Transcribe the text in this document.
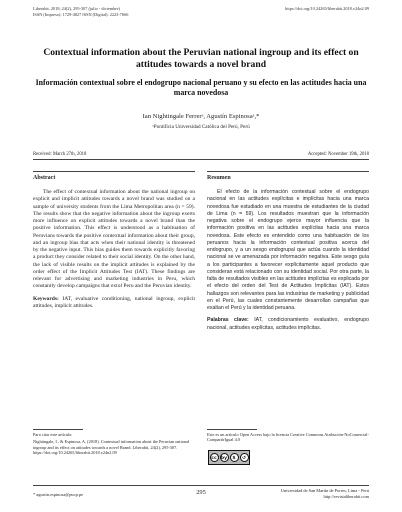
Liberabit, 2018, 24(2), 295-307 (julio - diciembre)
ISSN (Impreso): 1729-4827 ISSN (Digital): 2223-7666
https://doi.org/10.24265/liberabit.2018.v24n2.09
Contextual information about the Peruvian national ingroup and its effect on attitudes towards a novel brand
Información contextual sobre el endogrupo nacional peruano y su efecto en las actitudes hacia una marca novedosa
Ian Nightingale Ferrerᵃ, Agustín Espinosaᵃ,*
ᵃPontificia Universidad Católica del Perú, Perú
Received: March 27th, 2018	Accepted: November 19th, 2018
Abstract

The effect of contextual information about the national ingroup on explicit and implicit attitudes towards a novel brand was studied on a sample of university students from the Lima Metropolitan area (n = 59). The results show that the negative information about the ingroup exerts more influence on explicit attitudes towards a novel brand than the positive information. This effect is understood as a habituation of Peruvians towards the positive contextual information about their group, and an ingroup bias that acts when their national identity is threatened by the negative input. This bias guides them towards explicitly favoring a product they consider related to their social identity. On the other hand, the lack of visible results on the implicit attitudes is explained by the order effect of the Implicit Attitudes Test (IAT). These findings are relevant for advertising and marketing industries in Peru, which constantly develop campaigns that extol Peru and the Peruvian identity.

Keywords: IAT, evaluative conditioning, national ingroup, explicit attitudes, implicit attitudes.

Resumen

El efecto de la información contextual sobre el endogrupo nacional en las actitudes explícitas e implícitas hacia una marca novedosa fue estudiado en una muestra de estudiantes de la ciudad de Lima (n = 59). Los resultados muestran que la información negativa sobre el endogrupo ejerce mayor influencia que la información positiva en las actitudes explícitas hacia una marca novedosa. Este efecto es entendido como una habituación de los peruanos hacia la información contextual positiva acerca del endogrupo, y a un sesgo endogrupal que actúa cuando la identidad nacional se ve amenazada por información negativa. Este sesgo guía a los participantes a favorecer explícitamente aquel producto que consideran está relacionado con su identidad social. Por otra parte, la falta de resultados visibles en las actitudes implícitas es explicada por el efecto del orden del Test de Actitudes Implícitas (IAT). Estos hallazgos son relevantes para las industrias de marketing y publicidad en el Perú, las cuales constantemente desarrollan campañas que exaltan el Perú y la identidad peruana.

Palabras clave: IAT, condicionamiento evaluativo, endogrupo nacional, actitudes explícitas, actitudes implícitas.

Para citar este artículo:
Nightingale, I., & Espinosa, A. (2018). Contextual information about the Peruvian national ingroup and its effect on attitudes towards a novel Brand. Liberabit, 24(2), 295-307. https://doi.org/10.24265/liberabit.2018.v24n2.09
Este es un artículo Open Access bajo la licencia Creative Commons Atribución-NoComercial-CompartirIgual 4.0
cc by	$	↺
* agustin.espinosa@pucp.pe	295	Universidad de San Martín de Porres, Lima - Perú
http://revistaliberabit.com
